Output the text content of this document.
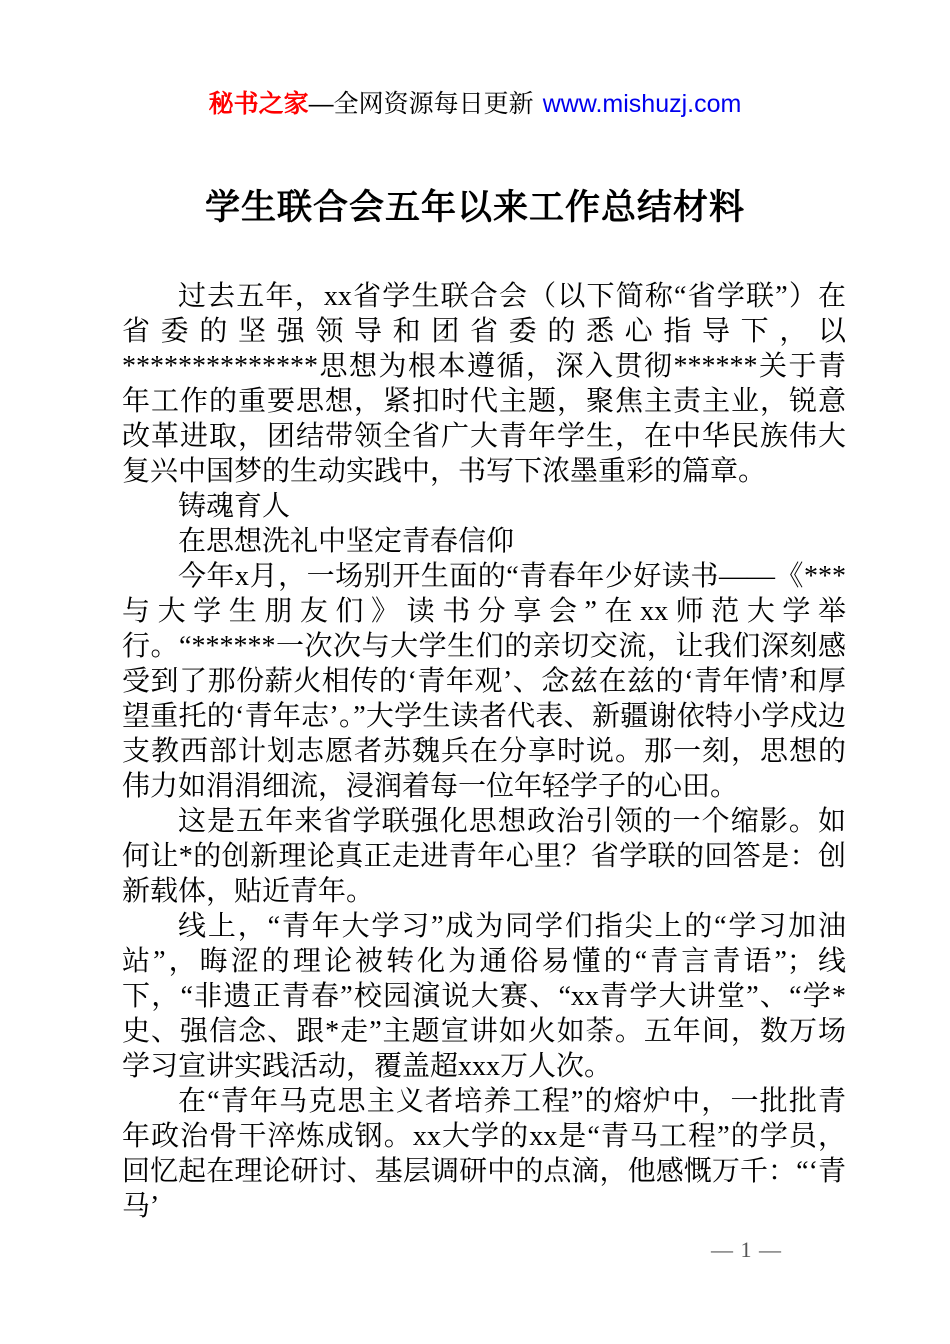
秘书之家—全网资源每日更新 www.mishuzj.com
学生联合会五年以来工作总结材料

过去五年，xx省学生联合会（以下简称“省学联”）在省委的坚强领导和团省委的悉心指导下，以**************思想为根本遵循，深入贯彻******关于青年工作的重要思想，紧扣时代主题，聚焦主责主业，锐意改革进取，团结带领全省广大青年学生，在中华民族伟大复兴中国梦的生动实践中，书写下浓墨重彩的篇章。

铸魂育人

在思想洗礼中坚定青春信仰

今年x月，一场别开生面的“青春年少好读书——《***与大学生朋友们》读书分享会”在xx师范大学举行。“******一次次与大学生们的亲切交流，让我们深刻感受到了那份薪火相传的‘青年观’、念兹在兹的‘青年情’和厚望重托的‘青年志’。”大学生读者代表、新疆谢依特小学戍边支教西部计划志愿者苏魏兵在分享时说。那一刻，思想的伟力如涓涓细流，浸润着每一位年轻学子的心田。

这是五年来省学联强化思想政治引领的一个缩影。如何让*的创新理论真正走进青年心里？省学联的回答是：创新载体，贴近青年。

线上，“青年大学习”成为同学们指尖上的“学习加油站”，晦涩的理论被转化为通俗易懂的“青言青语”；线下，“非遗正青春”校园演说大赛、“xx青学大讲堂”、“学*史、强信念、跟*走”主题宣讲如火如荼。五年间，数万场学习宣讲实践活动，覆盖超xxx万人次。

在“青年马克思主义者培养工程”的熔炉中，一批批青年政治骨干淬炼成钢。xx大学的xx是“青马工程”的学员，回忆起在理论研讨、基层调研中的点滴，他感慨万千：“‘青马’

— 1 —
